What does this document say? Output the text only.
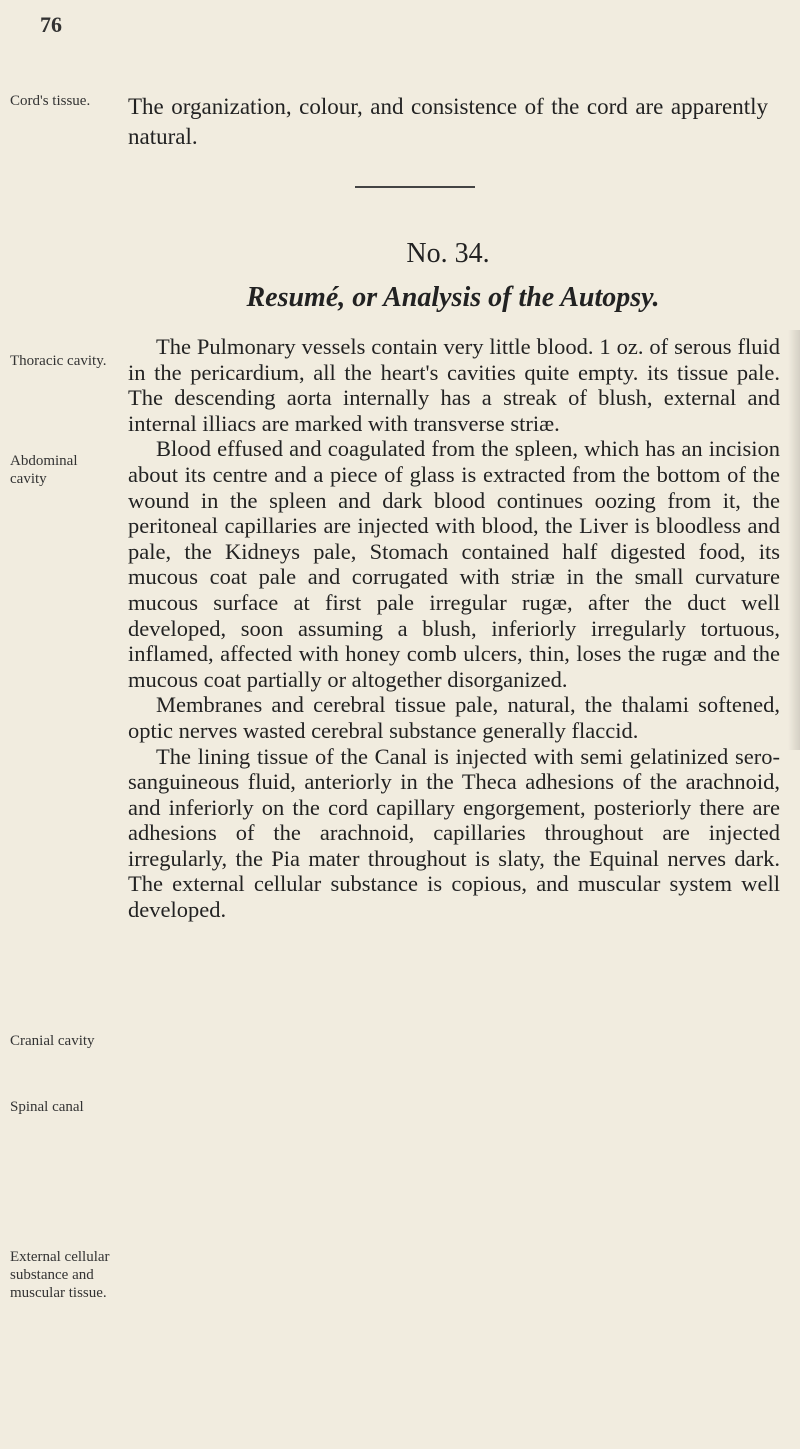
76
Cord's tissue.
Thoracic cavity.
Abdominal cavity
Cranial cavity
Spinal canal
External cellular substance and muscular tissue.
The organization, colour, and consistence of the cord are apparently natural.
No. 34.
Resumé, or Analysis of the Autopsy.

The Pulmonary vessels contain very little blood. 1 oz. of serous fluid in the pericardium, all the heart's cavities quite empty. its tissue pale. The descending aorta internally has a streak of blush, external and internal illiacs are marked with transverse striæ.

Blood effused and coagulated from the spleen, which has an incision about its centre and a piece of glass is extracted from the bottom of the wound in the spleen and dark blood continues oozing from it, the peritoneal capillaries are injected with blood, the Liver is bloodless and pale, the Kidneys pale, Stomach contained half digested food, its mucous coat pale and corrugated with striæ in the small curvature mucous surface at first pale irregular rugæ, after the duct well developed, soon assuming a blush, inferiorly irregularly tortuous, inflamed, affected with honey comb ulcers, thin, loses the rugæ and the mucous coat partially or altogether disorganized.

Membranes and cerebral tissue pale, natural, the thalami softened, optic nerves wasted cerebral substance generally flaccid.

The lining tissue of the Canal is injected with semi gelatinized sero-sanguineous fluid, anteriorly in the Theca adhesions of the arachnoid, and inferiorly on the cord capillary engorgement, posteriorly there are adhesions of the arachnoid, capillaries throughout are injected irregularly, the Pia mater throughout is slaty, the Equinal nerves dark. The external cellular substance is copious, and muscular system well developed.
